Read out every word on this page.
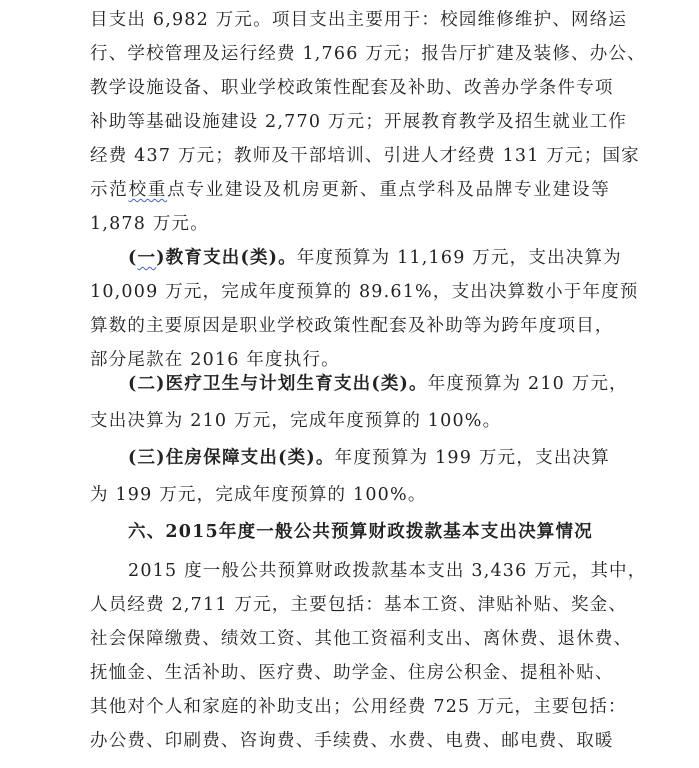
目支出 6,982 万元。项目支出主要用于：校园维修维护、网络运
行、学校管理及运行经费 1,766 万元；报告厅扩建及装修、办公、
教学设施设备、职业学校政策性配套及补助、改善办学条件专项
补助等基础设施建设 2,770 万元；开展教育教学及招生就业工作
经费 437 万元；教师及干部培训、引进人才经费 131 万元；国家
示范校重点专业建设及机房更新、重点学科及品牌专业建设等
1,878 万元。
(一)教育支出(类)。年度预算为 11,169 万元，支出决算为
10,009 万元，完成年度预算的 89.61%，支出决算数小于年度预
算数的主要原因是职业学校政策性配套及补助等为跨年度项目，
部分尾款在 2016 年度执行。
(二)医疗卫生与计划生育支出(类)。年度预算为 210 万元，
支出决算为 210 万元，完成年度预算的 100%。
(三)住房保障支出(类)。年度预算为 199 万元，支出决算
为 199 万元，完成年度预算的 100%。
六、2015年度一般公共预算财政拨款基本支出决算情况
2015 度一般公共预算财政拨款基本支出 3,436 万元，其中，
人员经费 2,711 万元，主要包括：基本工资、津贴补贴、奖金、
社会保障缴费、绩效工资、其他工资福利支出、离休费、退休费、
抚恤金、生活补助、医疗费、助学金、住房公积金、提租补贴、
其他对个人和家庭的补助支出；公用经费 725 万元，主要包括：
办公费、印刷费、咨询费、手续费、水费、电费、邮电费、取暖
